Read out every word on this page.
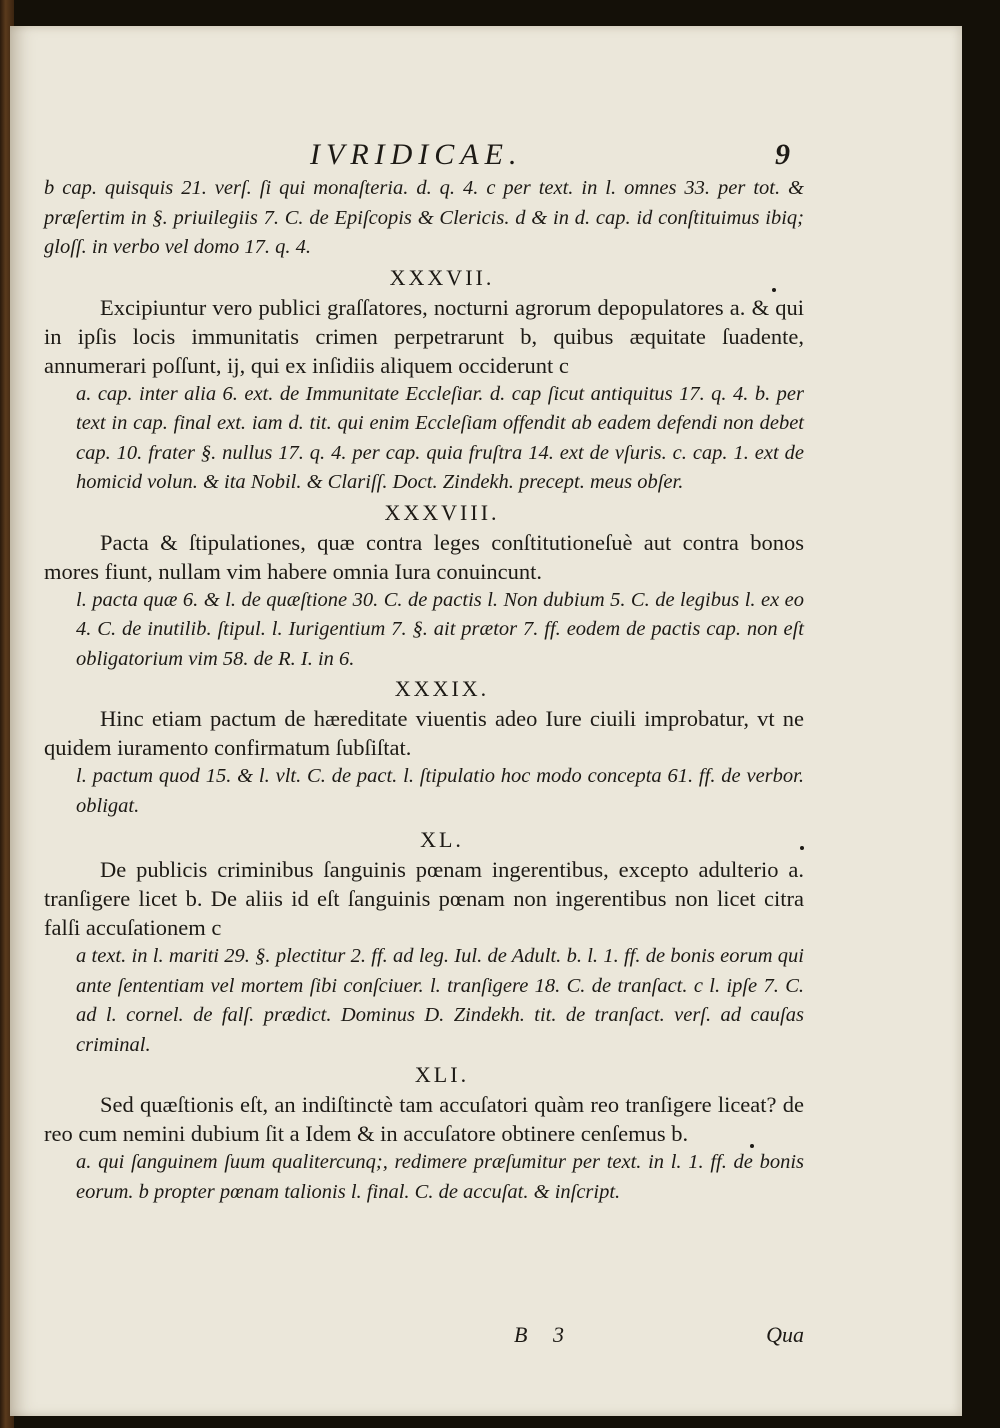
IVRIDICAE.	9

b cap. quisquis 21. verſ. ſi qui monaſteria. d. q. 4. c per text. in l. omnes 33. per tot. & præſertim in §. priuilegiis 7. C. de Epiſcopis & Clericis. d & in d. cap. id conſtituimus ibiq; gloſſ. in verbo vel domo 17. q. 4.

XXXVII.

Excipiuntur vero publici graſſatores, nocturni agrorum depopulatores a. & qui in ipſis locis immunitatis crimen perpetrarunt b, quibus æquitate ſuadente, annumerari poſſunt, ij, qui ex inſidiis aliquem occiderunt c

a. cap. inter alia 6. ext. de Immunitate Eccleſiar. d. cap ſicut antiquitus 17. q. 4. b. per text in cap. final ext. iam d. tit. qui enim Eccleſiam offendit ab eadem defendi non debet cap. 10. frater §. nullus 17. q. 4. per cap. quia fruſtra 14. ext de vſuris. c. cap. 1. ext de homicid volun. & ita Nobil. & Clariſſ. Doct. Zindekh. precept. meus obſer.

XXXVIII.

Pacta & ſtipulationes, quæ contra leges conſtitutioneſuè aut contra bonos mores fiunt, nullam vim habere omnia Iura conuincunt.

l. pacta quæ 6. & l. de quæſtione 30. C. de pactis l. Non dubium 5. C. de legibus l. ex eo 4. C. de inutilib. ſtipul. l. Iurigentium 7. §. ait prætor 7. ff. eodem de pactis cap. non eſt obligatorium vim 58. de R. I. in 6.

XXXIX.

Hinc etiam pactum de hæreditate viuentis adeo Iure ciuili improbatur, vt ne quidem iuramento confirmatum ſubſiſtat.

l. pactum quod 15. & l. vlt. C. de pact. l. ſtipulatio hoc modo concepta 61. ff. de verbor. obligat.

XL.

De publicis criminibus ſanguinis pœnam ingerentibus, excepto adulterio a. tranſigere licet b. De aliis id eſt ſanguinis pœnam non ingerentibus non licet citra falſi accuſationem c

a text. in l. mariti 29. §. plectitur 2. ff. ad leg. Iul. de Adult. b. l. 1. ff. de bonis eorum qui ante ſententiam vel mortem ſibi conſciuer. l. tranſigere 18. C. de tranſact. c l. ipſe 7. C. ad l. cornel. de falſ. prædict. Dominus D. Zindekh. tit. de tranſact. verſ. ad cauſas criminal.

XLI.

Sed quæſtionis eſt, an indiſtinctè tam accuſatori quàm reo tranſigere liceat? de reo cum nemini dubium ſit a Idem & in accuſatore obtinere cenſemus b.

a. qui ſanguinem ſuum qualitercunq;, redimere præſumitur per text. in l. 1. ff. de bonis eorum. b propter pœnam talionis l. final. C. de accuſat. & inſcript.

B 3	Qua
